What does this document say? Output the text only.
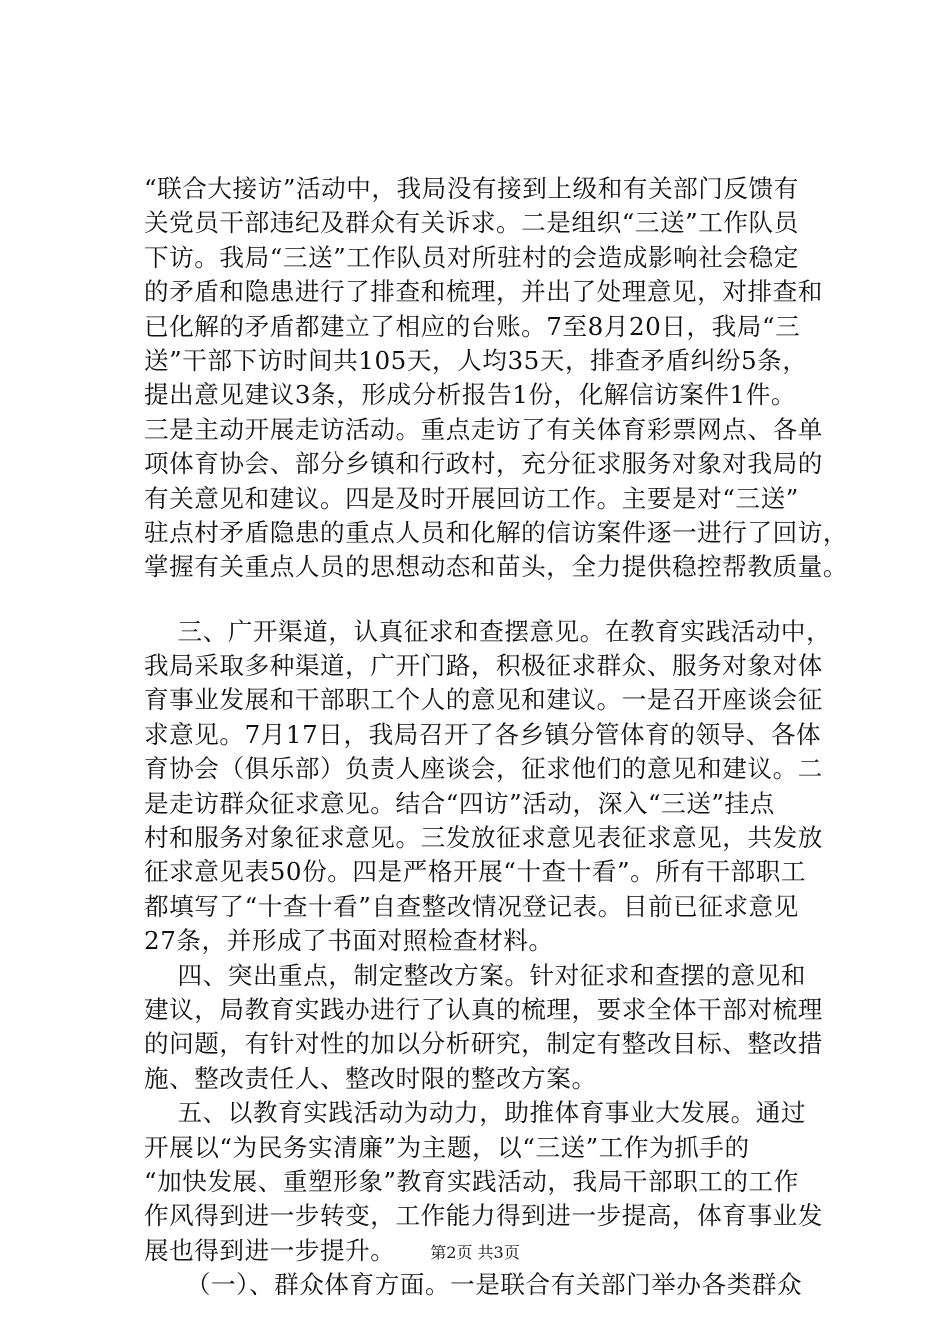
“联合大接访”活动中，我局没有接到上级和有关部门反馈有
关党员干部违纪及群众有关诉求。二是组织“三送”工作队员
下访。我局“三送”工作队员对所驻村的会造成影响社会稳定
的矛盾和隐患进行了排查和梳理，并出了处理意见，对排查和
已化解的矛盾都建立了相应的台账。7至8月20日，我局“三
送”干部下访时间共105天，人均35天，排查矛盾纠纷5条，
提出意见建议3条，形成分析报告1份，化解信访案件1件。
三是主动开展走访活动。重点走访了有关体育彩票网点、各单
项体育协会、部分乡镇和行政村，充分征求服务对象对我局的
有关意见和建议。四是及时开展回访工作。主要是对“三送”
驻点村矛盾隐患的重点人员和化解的信访案件逐一进行了回访，
掌握有关重点人员的思想动态和苗头，全力提供稳控帮教质量。
三、广开渠道，认真征求和查摆意见。在教育实践活动中，
我局采取多种渠道，广开门路，积极征求群众、服务对象对体
育事业发展和干部职工个人的意见和建议。一是召开座谈会征
求意见。7月17日，我局召开了各乡镇分管体育的领导、各体
育协会（俱乐部）负责人座谈会，征求他们的意见和建议。二
是走访群众征求意见。结合“四访”活动，深入“三送”挂点
村和服务对象征求意见。三发放征求意见表征求意见，共发放
征求意见表50份。四是严格开展“十查十看”。所有干部职工
都填写了“十查十看”自查整改情况登记表。目前已征求意见
27条，并形成了书面对照检查材料。
四、突出重点，制定整改方案。针对征求和查摆的意见和
建议，局教育实践办进行了认真的梳理，要求全体干部对梳理
的问题，有针对性的加以分析研究，制定有整改目标、整改措
施、整改责任人、整改时限的整改方案。
五、以教育实践活动为动力，助推体育事业大发展。通过
开展以“为民务实清廉”为主题，以“三送”工作为抓手的
“加快发展、重塑形象”教育实践活动，我局干部职工的工作
作风得到进一步转变，工作能力得到进一步提高，体育事业发
展也得到进一步提升。
（一）、群众体育方面。一是联合有关部门举办各类群众
第2页 共3页
